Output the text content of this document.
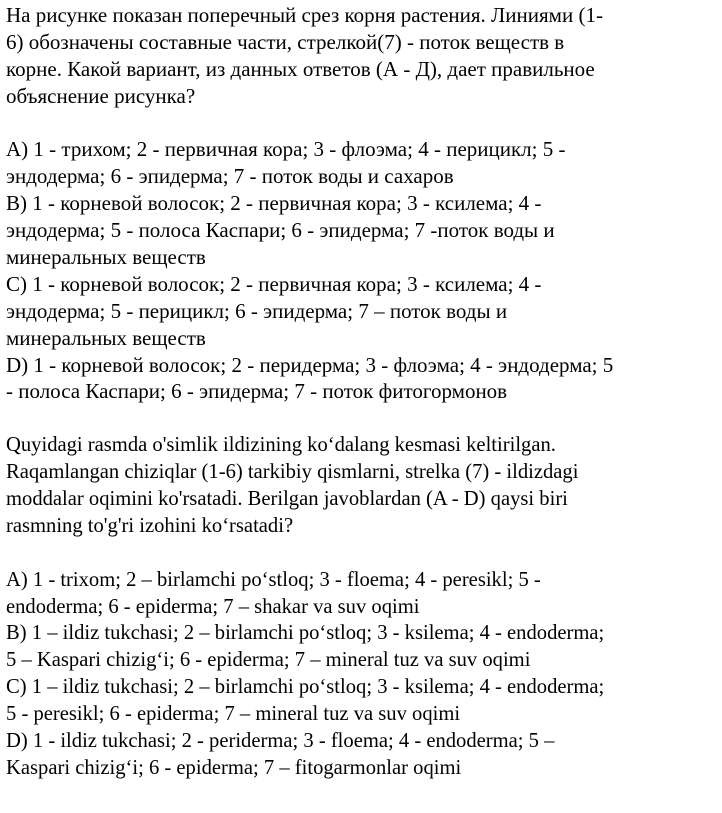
На рисунке показан поперечный срез корня растения. Линиями (1-
6) обозначены составные части, стрелкой(7) - поток веществ в
корне. Какой вариант, из данных ответов (А - Д), дает правильное
объяснение рисунка?
A) 1 - трихом; 2 - первичная кора; 3 - флоэма; 4 - перицикл; 5 -
эндодерма; 6 - эпидерма; 7 - поток воды и сахаров
B) 1 - корневой волосок; 2 - первичная кора; 3 - ксилема; 4 -
эндодерма; 5 - полоса Каспари; 6 - эпидерма; 7 -поток воды и
минеральных веществ
C) 1 - корневой волосок; 2 - первичная кора; 3 - ксилема; 4 -
эндодерма; 5 - перицикл; 6 - эпидерма; 7 – поток воды и
минеральных веществ
D) 1 - корневой волосок; 2 - перидерма; 3 - флоэма; 4 - эндодерма; 5
- полоса Каспари; 6 - эпидерма; 7 - поток фитогормонов
Quyidagi rasmda o'simlik ildizining ko‘dalang kesmasi keltirilgan.
Raqamlangan chiziqlar (1-6) tarkibiy qismlarni, strelka (7) - ildizdagi
moddalar oqimini ko'rsatadi. Berilgan javoblardan (A - D) qaysi biri
rasmning to'g'ri izohini ko‘rsatadi?
A) 1 - trixom; 2 – birlamchi po‘stloq; 3 - floema; 4 - peresikl; 5 -
endoderma; 6 - epiderma; 7 – shakar va suv oqimi
B) 1 – ildiz tukchasi; 2 – birlamchi po‘stloq; 3 - ksilema; 4 - endoderma;
5 – Kaspari chizig‘i; 6 - epiderma; 7 – mineral tuz va suv oqimi
C) 1 – ildiz tukchasi; 2 – birlamchi po‘stloq; 3 - ksilema; 4 - endoderma;
5 - peresikl; 6 - epiderma; 7 – mineral tuz va suv oqimi
D) 1 - ildiz tukchasi; 2 - periderma; 3 - floema; 4 - endoderma; 5 –
Kaspari chizig‘i; 6 - epiderma; 7 – fitogarmonlar oqimi
